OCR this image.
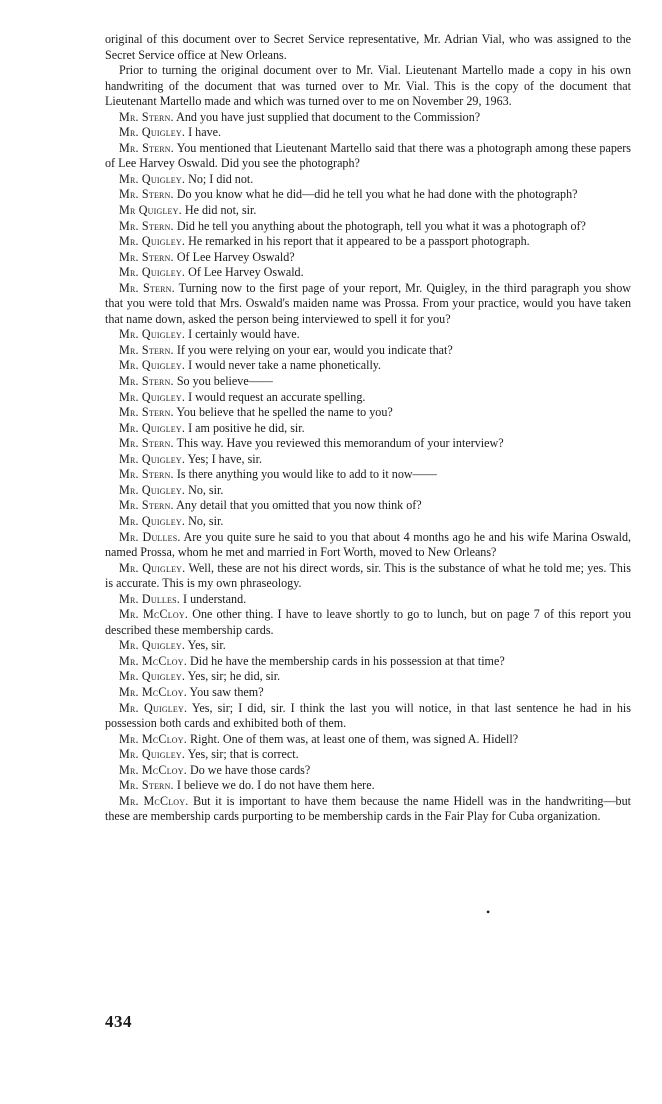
original of this document over to Secret Service representative, Mr. Adrian Vial, who was assigned to the Secret Service office at New Orleans.

Prior to turning the original document over to Mr. Vial. Lieutenant Martello made a copy in his own handwriting of the document that was turned over to Mr. Vial. This is the copy of the document that Lieutenant Martello made and which was turned over to me on November 29, 1963.

Mr. Stern. And you have just supplied that document to the Commission?

Mr. Quigley. I have.

Mr. Stern. You mentioned that Lieutenant Martello said that there was a photograph among these papers of Lee Harvey Oswald. Did you see the photograph?

Mr. Quigley. No; I did not.

Mr. Stern. Do you know what he did—did he tell you what he had done with the photograph?

Mr Quigley. He did not, sir.

Mr. Stern. Did he tell you anything about the photograph, tell you what it was a photograph of?

Mr. Quigley. He remarked in his report that it appeared to be a passport photograph.

Mr. Stern. Of Lee Harvey Oswald?

Mr. Quigley. Of Lee Harvey Oswald.

Mr. Stern. Turning now to the first page of your report, Mr. Quigley, in the third paragraph you show that you were told that Mrs. Oswald's maiden name was Prossa. From your practice, would you have taken that name down, asked the person being interviewed to spell it for you?

Mr. Quigley. I certainly would have.

Mr. Stern. If you were relying on your ear, would you indicate that?

Mr. Quigley. I would never take a name phonetically.

Mr. Stern. So you believe——

Mr. Quigley. I would request an accurate spelling.

Mr. Stern. You believe that he spelled the name to you?

Mr. Quigley. I am positive he did, sir.

Mr. Stern. This way. Have you reviewed this memorandum of your interview?

Mr. Quigley. Yes; I have, sir.

Mr. Stern. Is there anything you would like to add to it now——

Mr. Quigley. No, sir.

Mr. Stern. Any detail that you omitted that you now think of?

Mr. Quigley. No, sir.

Mr. Dulles. Are you quite sure he said to you that about 4 months ago he and his wife Marina Oswald, named Prossa, whom he met and married in Fort Worth, moved to New Orleans?

Mr. Quigley. Well, these are not his direct words, sir. This is the substance of what he told me; yes. This is accurate. This is my own phraseology.

Mr. Dulles. I understand.

Mr. McCloy. One other thing. I have to leave shortly to go to lunch, but on page 7 of this report you described these membership cards.

Mr. Quigley. Yes, sir.

Mr. McCloy. Did he have the membership cards in his possession at that time?

Mr. Quigley. Yes, sir; he did, sir.

Mr. McCloy. You saw them?

Mr. Quigley. Yes, sir; I did, sir. I think the last you will notice, in that last sentence he had in his possession both cards and exhibited both of them.

Mr. McCloy. Right. One of them was, at least one of them, was signed A. Hidell?

Mr. Quigley. Yes, sir; that is correct.

Mr. McCloy. Do we have those cards?

Mr. Stern. I believe we do. I do not have them here.

Mr. McCloy. But it is important to have them because the name Hidell was in the handwriting—but these are membership cards purporting to be membership cards in the Fair Play for Cuba organization.

•
434
